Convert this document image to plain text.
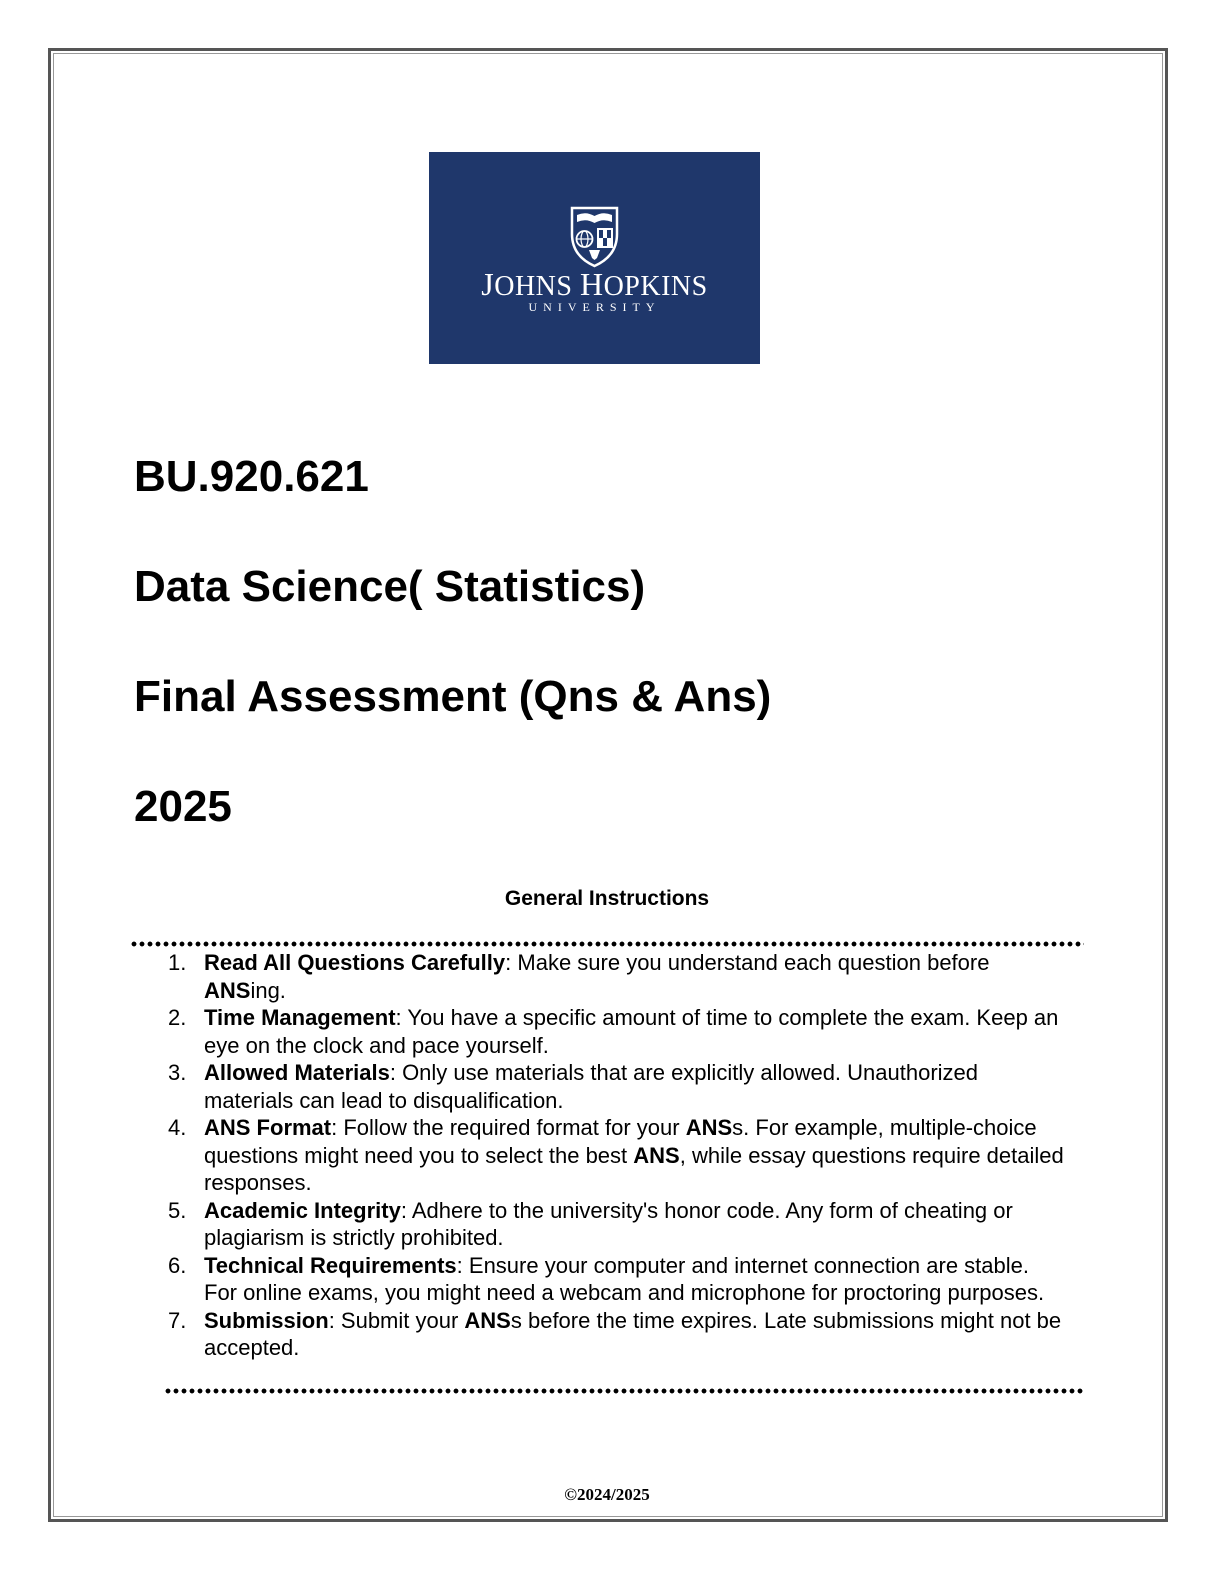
JOHNS HOPKINS
UNIVERSITY
BU.920.621
Data Science( Statistics)
Final Assessment (Qns & Ans)
2025
General Instructions
1. Read All Questions Carefully: Make sure you understand each question before ANSing.
2. Time Management: You have a specific amount of time to complete the exam. Keep an eye on the clock and pace yourself.
3. Allowed Materials: Only use materials that are explicitly allowed. Unauthorized materials can lead to disqualification.
4. ANS Format: Follow the required format for your ANSs. For example, multiple-choice questions might need you to select the best ANS, while essay questions require detailed responses.
5. Academic Integrity: Adhere to the university's honor code. Any form of cheating or plagiarism is strictly prohibited.
6. Technical Requirements: Ensure your computer and internet connection are stable. For online exams, you might need a webcam and microphone for proctoring purposes.
7. Submission: Submit your ANSs before the time expires. Late submissions might not be accepted.
©2024/2025
